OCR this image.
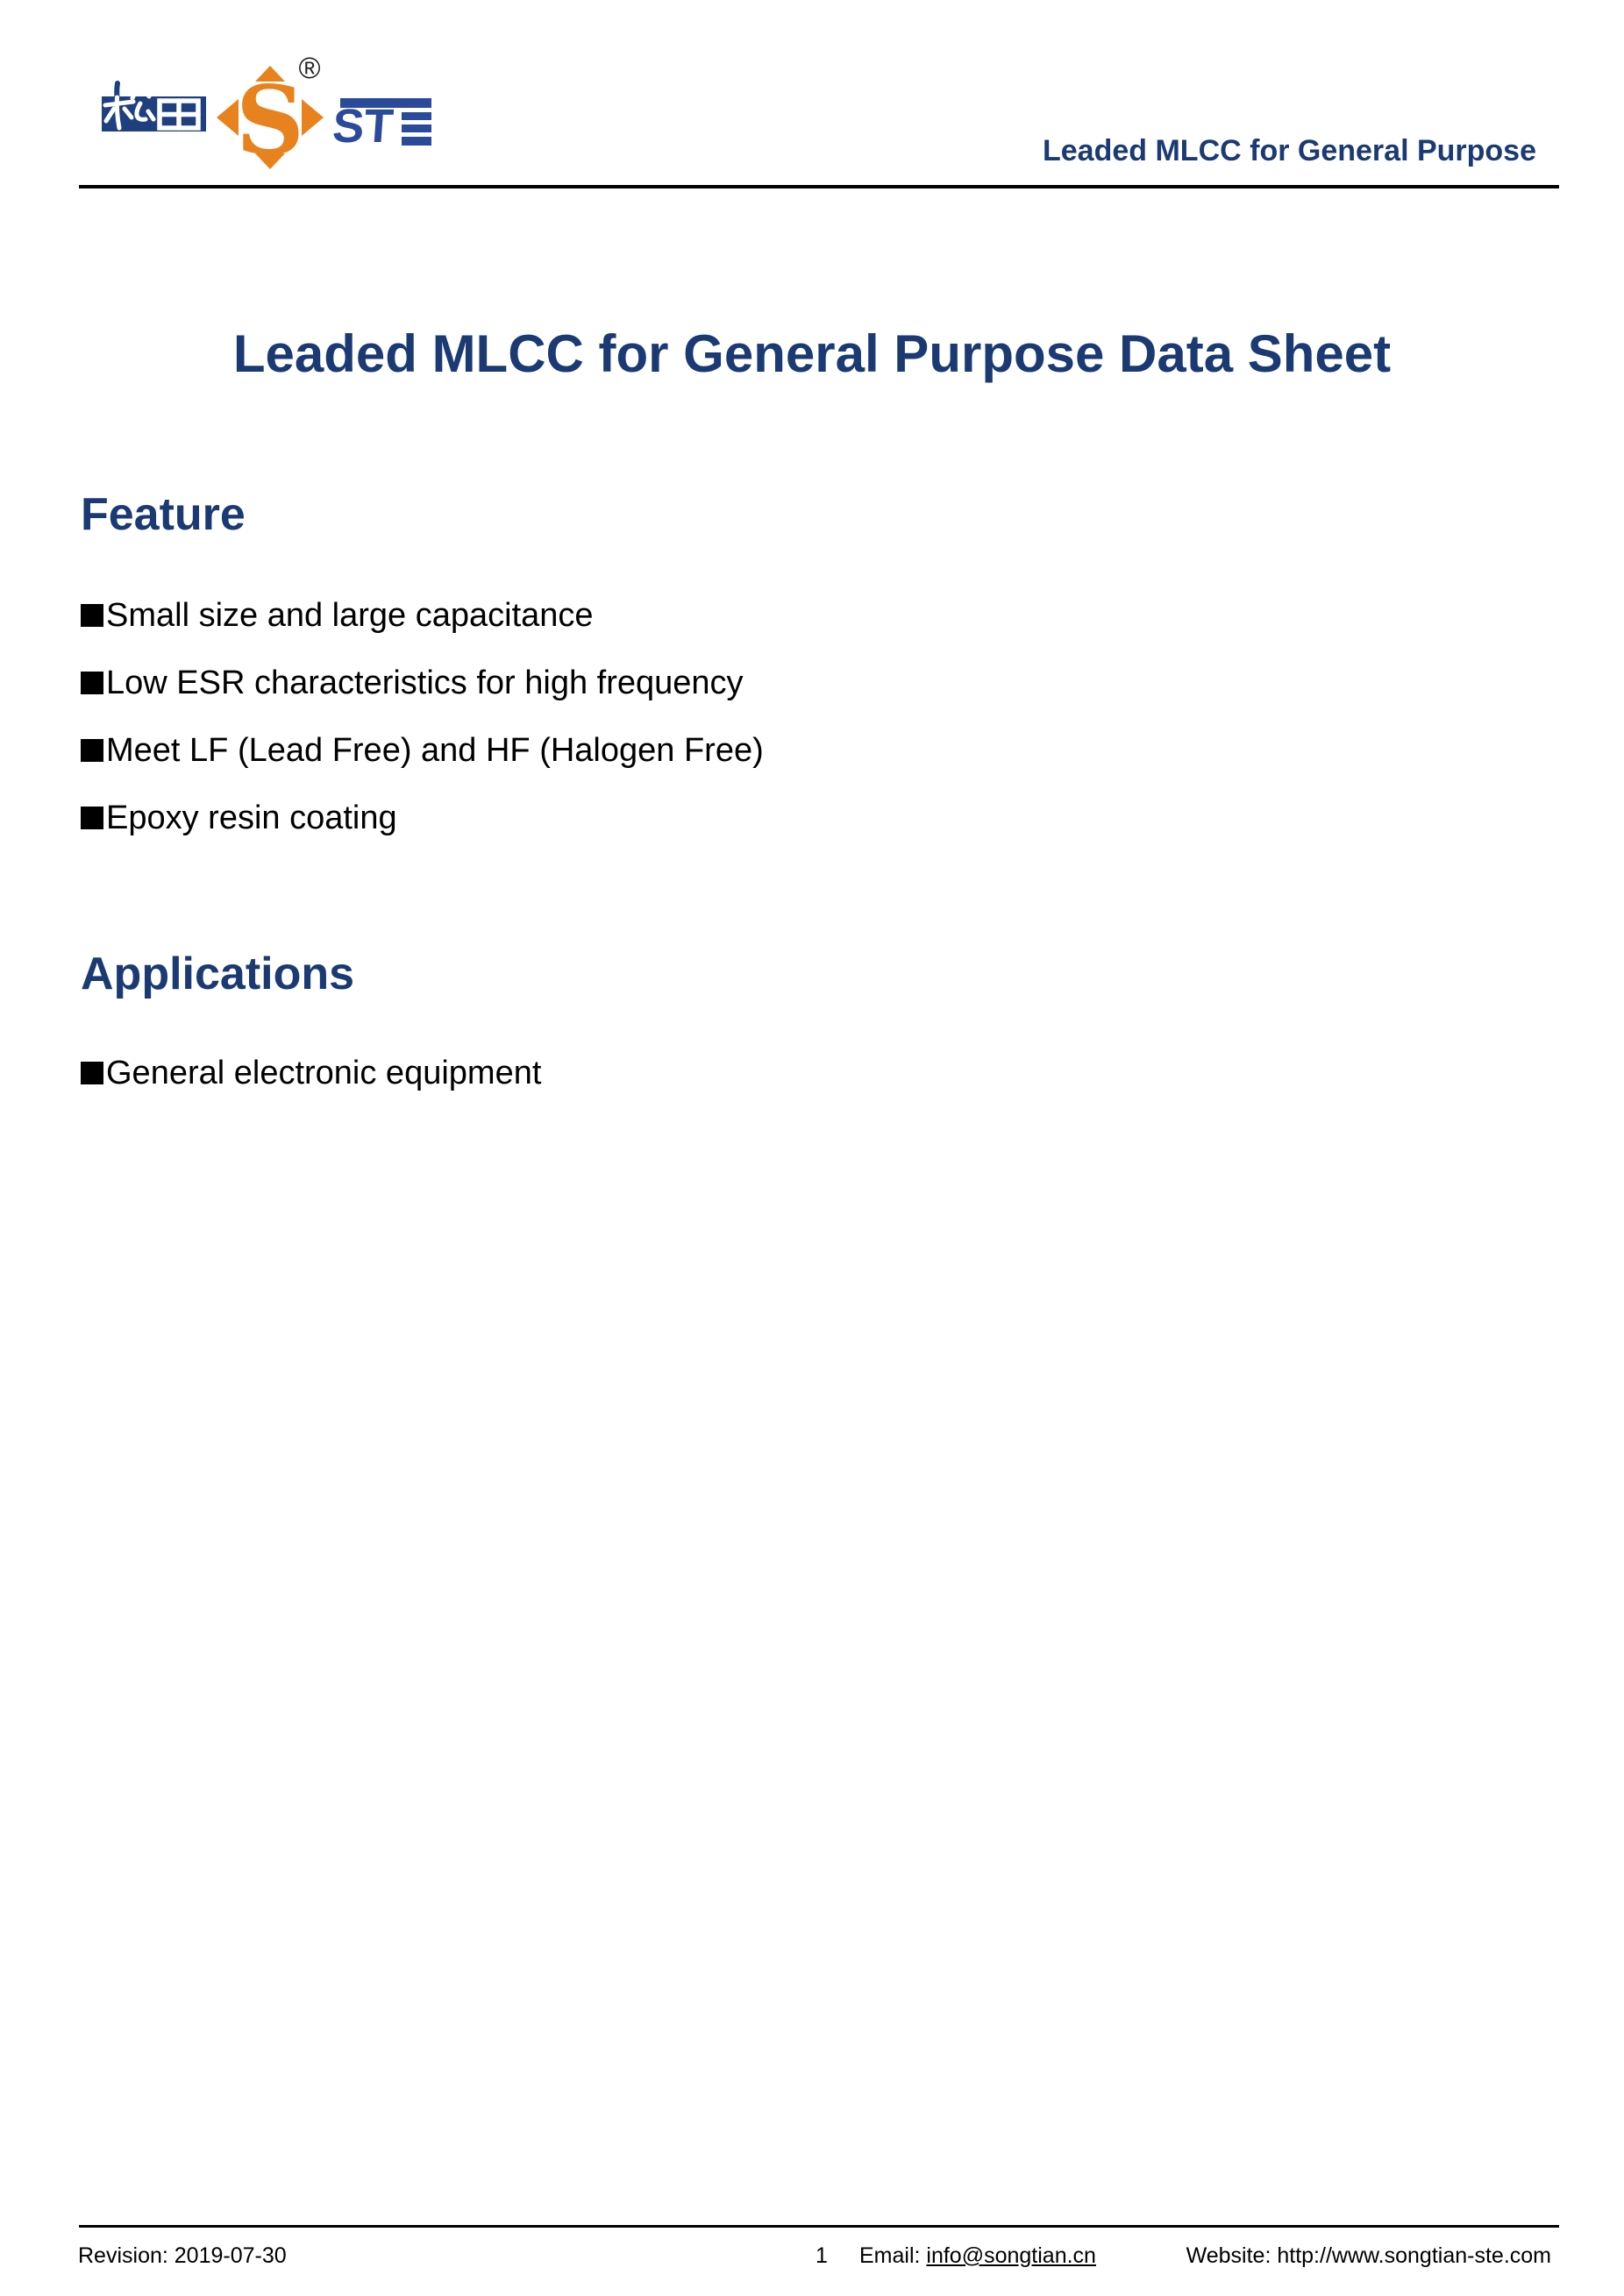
S
®
ST	Leaded MLCC for General Purpose
Leaded MLCC for General Purpose Data Sheet
Feature
Small size and large capacitance
Low ESR characteristics for high frequency
Meet LF (Lead Free) and HF (Halogen Free)
Epoxy resin coating
Applications
General electronic equipment
Revision: 2019-07-30	1 Email: info@songtian.cn	Website: http://www.songtian-ste.com
